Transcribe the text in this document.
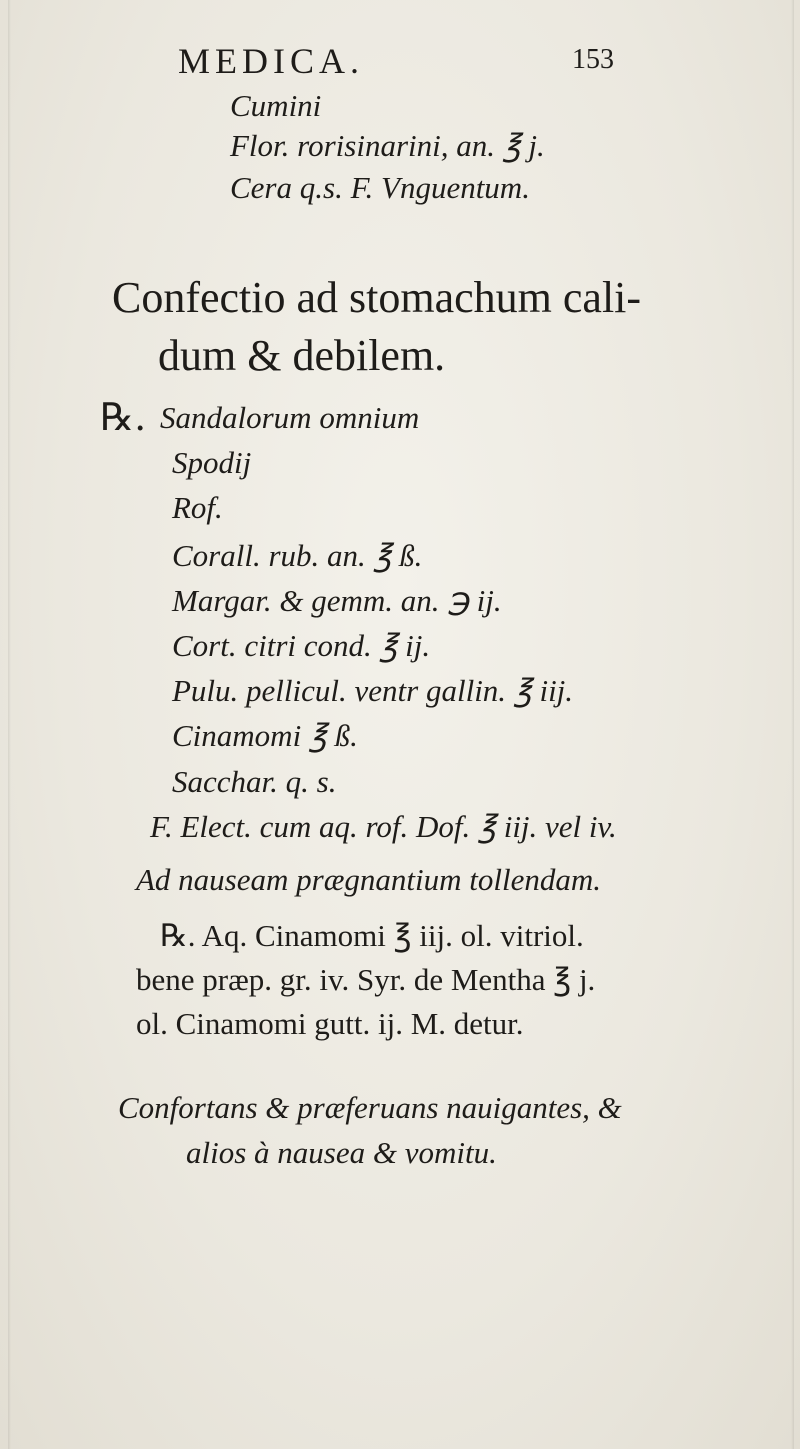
MEDICA.	153
Cumini
Flor. rorisinarini, an. ℥ j.
Cera q.s. F. Vnguentum.
Confectio ad stomachum cali-
dum & debilem.
℞. Sandalorum omnium
Spodij
Rof.
Corall. rub. an. ℥ ß.
Margar. & gemm. an. ℈ ij.
Cort. citri cond. ℥ ij.
Pulu. pellicul. ventr gallin. ℥ iij.
Cinamomi ℥ ß.
Sacchar. q. s.
F. Elect. cum aq. rof. Dof. ℥ iij. vel iv.
Ad nauseam prægnantium tollendam.
℞. Aq. Cinamomi ℥ iij. ol. vitriol.
bene præp. gr. iv. Syr. de Mentha ℥ j.
ol. Cinamomi gutt. ij. M. detur.
Confortans & præferuans nauigantes, &
alios à nausea & vomitu.
